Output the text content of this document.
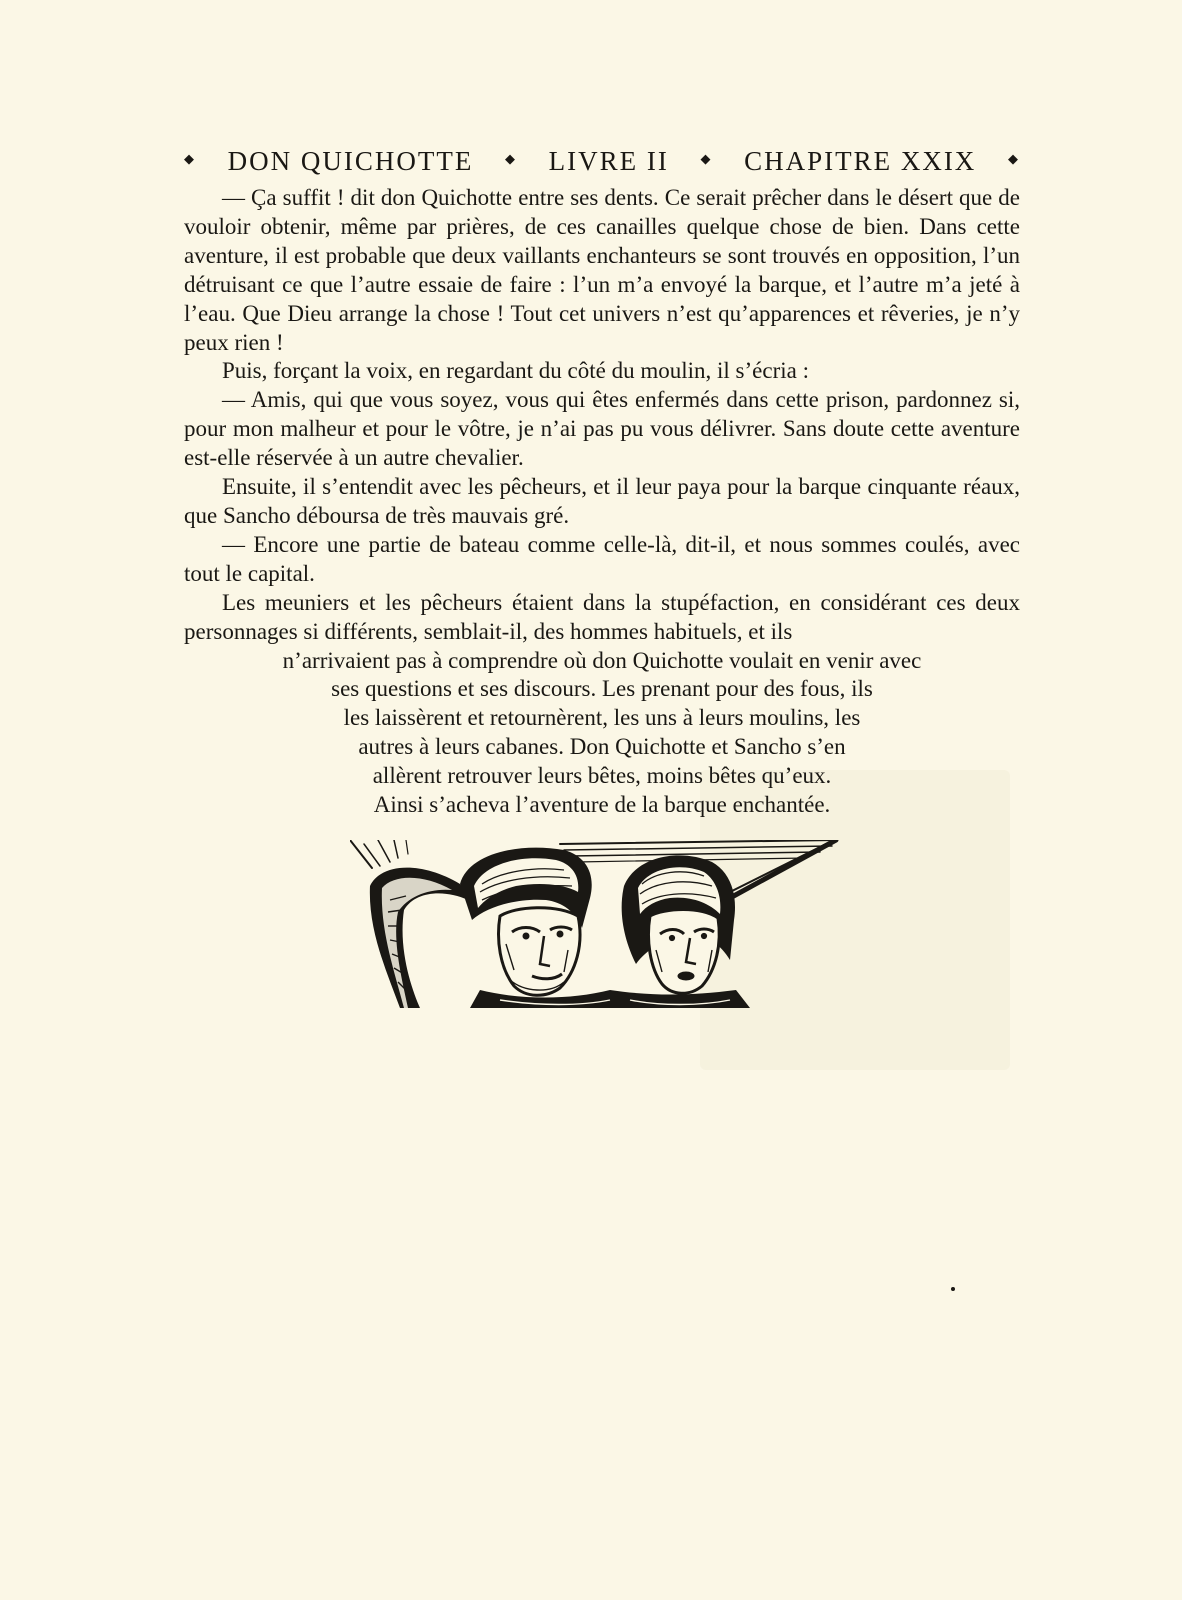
◆ DON QUICHOTTE ◆ LIVRE II ◆ CHAPITRE XXIX ◆

— Ça suffit ! dit don Quichotte entre ses dents. Ce serait prêcher dans le désert que de vouloir obtenir, même par prières, de ces canailles quelque chose de bien. Dans cette aventure, il est probable que deux vaillants enchanteurs se sont trouvés en opposition, l’un détruisant ce que l’autre essaie de faire : l’un m’a envoyé la barque, et l’autre m’a jeté à l’eau. Que Dieu arrange la chose ! Tout cet univers n’est qu’apparences et rêveries, je n’y peux rien !

Puis, forçant la voix, en regardant du côté du moulin, il s’écria :

— Amis, qui que vous soyez, vous qui êtes enfermés dans cette prison, pardonnez si, pour mon malheur et pour le vôtre, je n’ai pas pu vous délivrer. Sans doute cette aventure est-elle réservée à un autre chevalier.

Ensuite, il s’entendit avec les pêcheurs, et il leur paya pour la barque cinquante réaux, que Sancho déboursa de très mauvais gré.

— Encore une partie de bateau comme celle-là, dit-il, et nous sommes coulés, avec tout le capital.

Les meuniers et les pêcheurs étaient dans la stupéfaction, en considérant ces deux personnages si différents, semblait-il, des hommes habituels, et ils

n’arrivaient pas à comprendre où don Quichotte voulait en venir avec
ses questions et ses discours. Les prenant pour des fous, ils
les laissèrent et retournèrent, les uns à leurs moulins, les
autres à leurs cabanes. Don Quichotte et Sancho s’en
allèrent retrouver leurs bêtes, moins bêtes qu’eux.
Ainsi s’acheva l’aventure de la barque enchantée.
